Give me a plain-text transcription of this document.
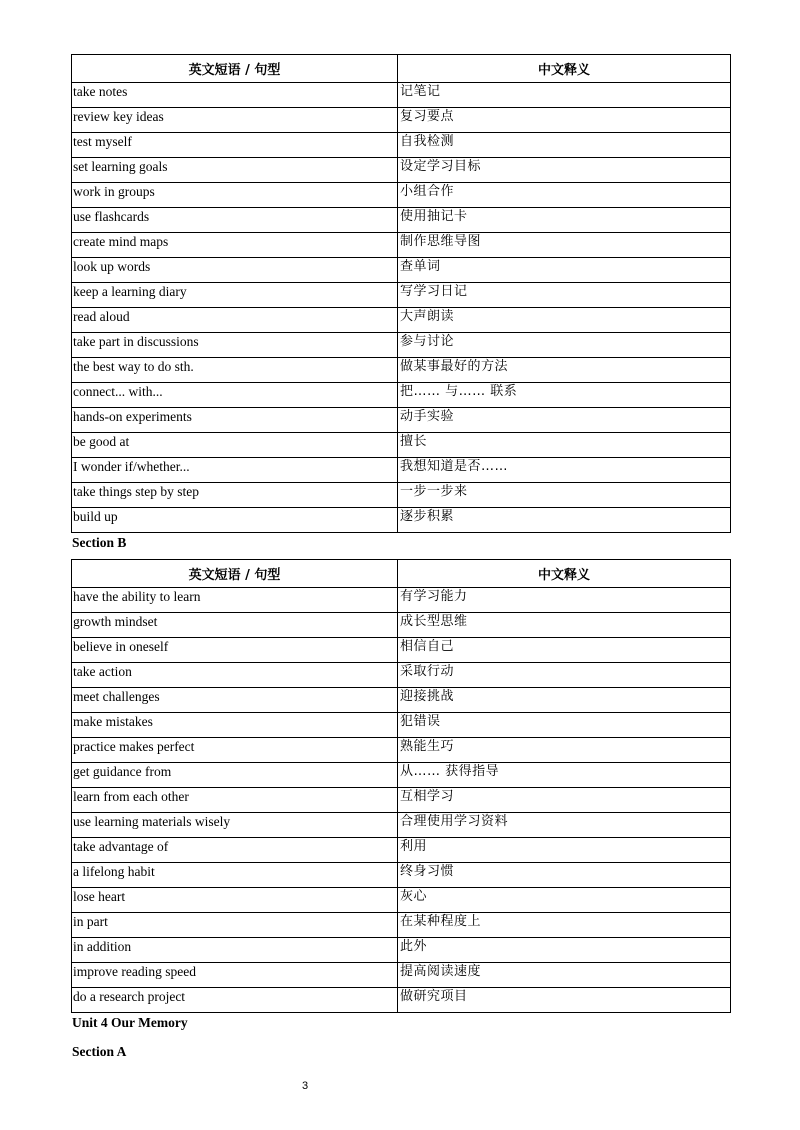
英文短语 / 句型	中文释义
take notes	记笔记
review key ideas	复习要点
test myself	自我检测
set learning goals	设定学习目标
work in groups	小组合作
use flashcards	使用抽记卡
create mind maps	制作思维导图
look up words	查单词
keep a learning diary	写学习日记
read aloud	大声朗读
take part in discussions	参与讨论
the best way to do sth.	做某事最好的方法
connect... with...	把…… 与…… 联系
hands-on experiments	动手实验
be good at	擅长
I wonder if/whether...	我想知道是否……
take things step by step	一步一步来
build up	逐步积累
Section B
英文短语 / 句型	中文释义
have the ability to learn	有学习能力
growth mindset	成长型思维
believe in oneself	相信自己
take action	采取行动
meet challenges	迎接挑战
make mistakes	犯错误
practice makes perfect	熟能生巧
get guidance from	从…… 获得指导
learn from each other	互相学习
use learning materials wisely	合理使用学习资料
take advantage of	利用
a lifelong habit	终身习惯
lose heart	灰心
in part	在某种程度上
in addition	此外
improve reading speed	提高阅读速度
do a research project	做研究项目
Unit 4 Our Memory
Section A
3
